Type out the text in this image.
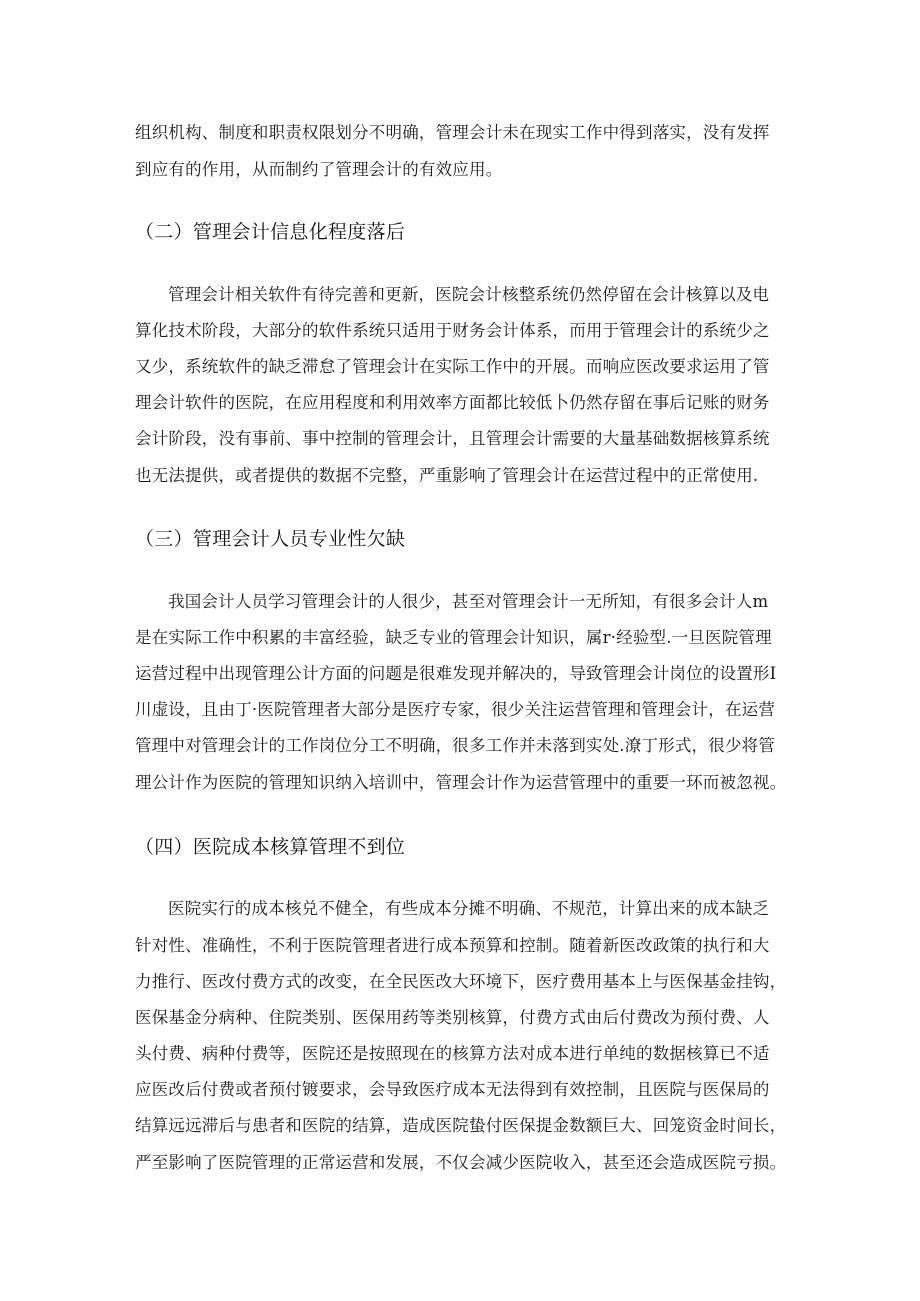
组织机构、制度和职责权限划分不明确，管理会计未在现实工作中得到落实，没有发挥
到应有的作用，从而制约了管理会计的有效应用。
（二）管理会计信息化程度落后
管理会计相关软件有待完善和更新，医院会计核整系统仍然停留在会计核算以及电
算化技术阶段，大部分的软件系统只适用于财务会计体系，而用于管理会计的系统少之
又少，系统软件的缺乏滞怠了管理会计在实际工作中的开展。而响应医改要求运用了管
理会计软件的医院，在应用程度和利用效率方面都比较低卜仍然存留在事后记账的财务
会计阶段，没有事前、事中控制的管理会计，且管理会计需要的大量基础数据核算系统
也无法提供，或者提供的数据不完整，严重影响了管理会计在运营过程中的正常使用.
（三）管理会计人员专业性欠缺
我国会计人员学习管理会计的人很少，甚至对管理会计一无所知，有很多会计人m
是在实际工作中积累的丰富经验，缺乏专业的管理会计知识，属r·经验型.一旦医院管理
运营过程中出现管理公计方面的问题是很难发现并解决的，导致管理会计岗位的设置形I
川虚设，且由丁·医院管理者大部分是医疗专家，很少关注运营管理和管理会计，在运营
管理中对管理会计的工作岗位分工不明确，很多工作并未落到实处.潦丁形式，很少将管
理公计作为医院的管理知识纳入培训中，管理会计作为运营管理中的重要一环而被忽视。
（四）医院成本核算管理不到位
医院实行的成本核兑不健全，有些成本分摊不明确、不规范，计算出来的成本缺乏
针对性、准确性，不利于医院管理者进行成本预算和控制。随着新医改政策的执行和大
力推行、医改付费方式的改变，在全民医改大环境下，医疗费用基本上与医保基金挂钩，
医保基金分病种、住院类别、医保用药等类别核算，付费方式由后付费改为预付费、人
头付费、病种付费等，医院还是按照现在的核算方法对成本进行单纯的数据核算已不适
应医改后付费或者预付镀要求，会导致医疗成本无法得到有效控制，且医院与医保局的
结算远远滞后与患者和医院的结算，造成医院蛰付医保提金数额巨大、回笼资金时间长，
严至影响了医院管理的正常运营和发展，不仅会减少医院收入，甚至还会造成医院亏损。
